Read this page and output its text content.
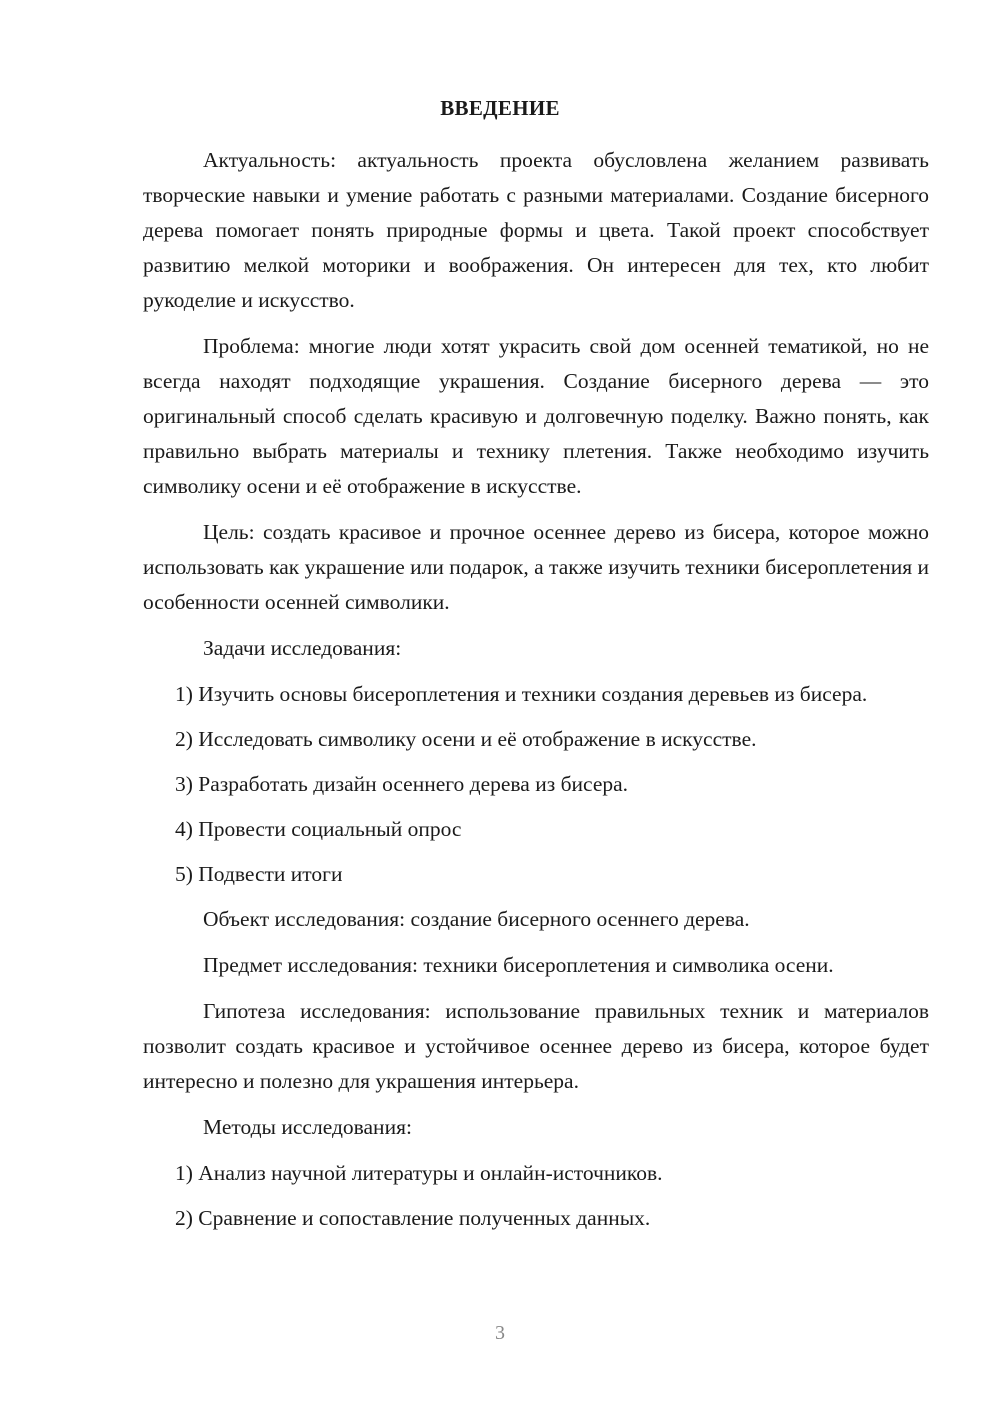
ВВЕДЕНИЕ

Актуальность: актуальность проекта обусловлена желанием развивать творческие навыки и умение работать с разными материалами. Создание бисерного дерева помогает понять природные формы и цвета. Такой проект способствует развитию мелкой моторики и воображения. Он интересен для тех, кто любит рукоделие и искусство.

Проблема: многие люди хотят украсить свой дом осенней тематикой, но не всегда находят подходящие украшения. Создание бисерного дерева — это оригинальный способ сделать красивую и долговечную поделку. Важно понять, как правильно выбрать материалы и технику плетения. Также необходимо изучить символику осени и её отображение в искусстве.

Цель: создать красивое и прочное осеннее дерево из бисера, которое можно использовать как украшение или подарок, а также изучить техники бисероплетения и особенности осенней символики.

Задачи исследования:

1) Изучить основы бисероплетения и техники создания деревьев из бисера.

2) Исследовать символику осени и её отображение в искусстве.

3) Разработать дизайн осеннего дерева из бисера.

4) Провести социальный опрос

5) Подвести итоги

Объект исследования: создание бисерного осеннего дерева.

Предмет исследования: техники бисероплетения и символика осени.

Гипотеза исследования: использование правильных техник и материалов позволит создать красивое и устойчивое осеннее дерево из бисера, которое будет интересно и полезно для украшения интерьера.

Методы исследования:

1) Анализ научной литературы и онлайн-источников.

2) Сравнение и сопоставление полученных данных.

3
